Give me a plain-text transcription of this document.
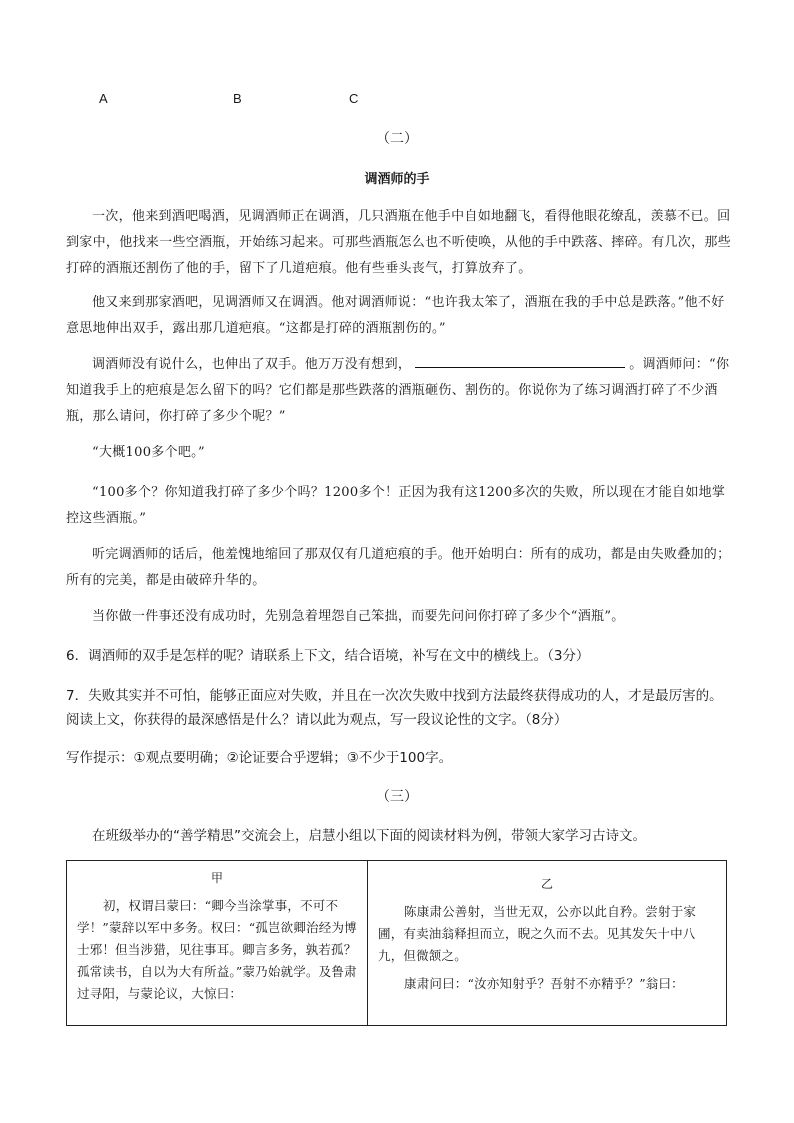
A	B	C
（二）
调酒师的手
一次，他来到酒吧喝酒，见调酒师正在调酒，几只酒瓶在他手中自如地翻飞，看得他眼花缭乱，羡慕不已。回到家中，他找来一些空酒瓶，开始练习起来。可那些酒瓶怎么也不听使唤，从他的手中跌落、摔碎。有几次，那些打碎的酒瓶还割伤了他的手，留下了几道疤痕。他有些垂头丧气，打算放弃了。
他又来到那家酒吧，见调酒师又在调酒。他对调酒师说：“也许我太笨了，酒瓶在我的手中总是跌落。”他不好意思地伸出双手，露出那几道疤痕。“这都是打碎的酒瓶割伤的。”
调酒师没有说什么，也伸出了双手。他万万没有想到，	。调酒师问：“你知道我手上的疤痕是怎么留下的吗？它们都是那些跌落的酒瓶砸伤、割伤的。你说你为了练习调酒打碎了不少酒瓶，那么请问，你打碎了多少个呢？”
“大概100多个吧。”
“100多个？你知道我打碎了多少个吗？1200多个！正因为我有这1200多次的失败，所以现在才能自如地掌控这些酒瓶。”
听完调酒师的话后，他羞愧地缩回了那双仅有几道疤痕的手。他开始明白：所有的成功，都是由失败叠加的；所有的完美，都是由破碎升华的。
当你做一件事还没有成功时，先别急着埋怨自己笨拙，而要先问问你打碎了多少个“酒瓶”。
6．调酒师的双手是怎样的呢？请联系上下文，结合语境，补写在文中的横线上。（3分）
7．失败其实并不可怕，能够正面应对失败，并且在一次次失败中找到方法最终获得成功的人，才是最厉害的。
阅读上文，你获得的最深感悟是什么？请以此为观点，写一段议论性的文字。（8分）
写作提示：①观点要明确；②论证要合乎逻辑；③不少于100字。
（三）
在班级举办的“善学精思”交流会上，启慧小组以下面的阅读材料为例，带领大家学习古诗文。
甲
初，权谓吕蒙曰：“卿今当涂掌事，不可不学！”蒙辞以军中多务。权曰：“孤岂欲卿治经为博士邪！但当涉猎，见往事耳。卿言多务，孰若孤？孤常读书，自以为大有所益。”蒙乃始就学。及鲁肃过寻阳，与蒙论议，大惊曰：
乙

陈康肃公善射，当世无双，公亦以此自矜。尝射于家圃，有卖油翁释担而立，睨之久而不去。见其发矢十中八九，但微颔之。

康肃问曰：“汝亦知射乎？吾射不亦精乎？”翁曰：
